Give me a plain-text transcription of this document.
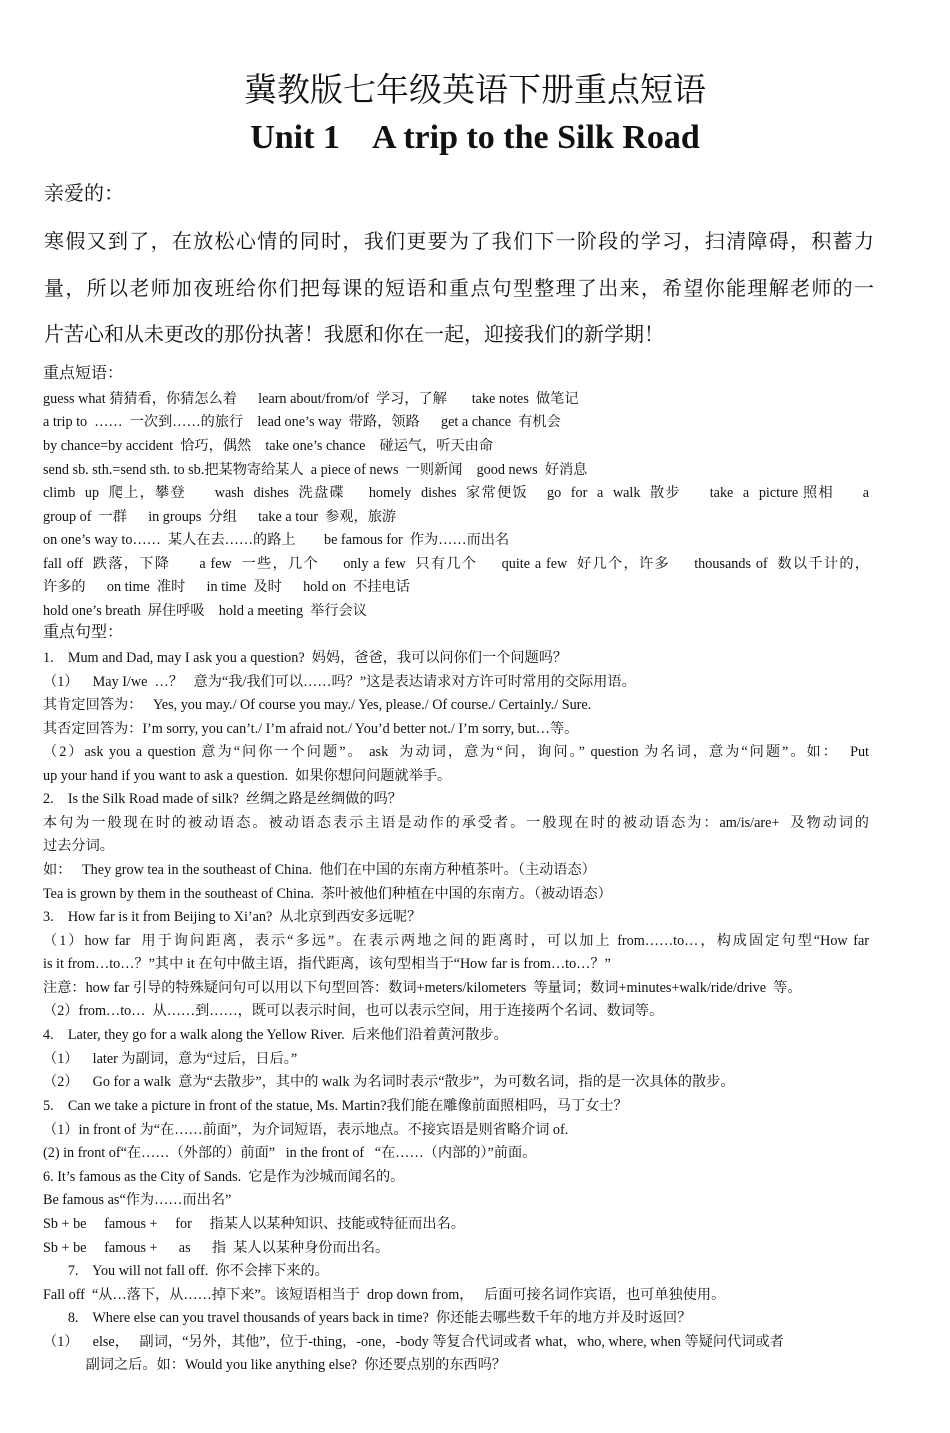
冀教版七年级英语下册重点短语
Unit 1    A trip to the Silk Road
亲爱的：
寒假又到了，在放松心情的同时，我们更要为了我们下一阶段的学习，扫清障碍，积蓄力
量，所以老师加夜班给你们把每课的短语和重点句型整理了出来，希望你能理解老师的一
片苦心和从未更改的那份执著！我愿和你在一起，迎接我们的新学期！
重点短语：
guess what 猜猜看，你猜怎么着      learn about/from/of  学习，了解       take notes  做笔记
a trip to  ……  一次到……的旅行    lead one’s way  带路，领路      get a chance  有机会
by chance=by accident  恰巧，偶然    take one’s chance    碰运气，听天由命
send sb. sth.=send sth. to sb.把某物寄给某人  a piece of news  一则新闻    good news  好消息
climb  up  爬上，攀登      wash  dishes  洗盘碟     homely  dishes  家常便饭    go  for  a  walk  散步      take  a  picture 照相      a
group of  一群      in groups  分组      take a tour  参观，旅游
on one’s way to……  某人在去……的路上        be famous for  作为……而出名
fall off  跌落，下降      a few  一些，几个     only a few  只有几个     quite a few  好几个，许多     thousands of  数以千计的，
许多的      on time  准时      in time  及时      hold on  不挂电话
hold one’s breath  屏住呼吸    hold a meeting  举行会议
重点句型：
1.    Mum and Dad, may I ask you a question?  妈妈，爸爸，我可以问你们一个问题吗？
（1）    May I/we  …？   意为“我/我们可以……吗？”这是表达请求对方许可时常用的交际用语。
其肯定回答为：   Yes, you may./ Of course you may./ Yes, please./ Of course./ Certainly./ Sure.
其否定回答为：I’m sorry, you can’t./ I’m afraid not./ You’d better not./ I’m sorry, but…等。
（2）ask you a question 意为“问你一个问题”。 ask  为动词，意为“问，询问。” question 为名词，意为“问题”。如：  Put
up your hand if you want to ask a question.  如果你想问问题就举手。
2.    Is the Silk Road made of silk?  丝绸之路是丝绸做的吗？
本句为一般现在时的被动语态。被动语态表示主语是动作的承受者。一般现在时的被动语态为：am/is/are+  及物动词的
过去分词。
如：   They grow tea in the southeast of China.  他们在中国的东南方种植茶叶。（主动语态）
Tea is grown by them in the southeast of China.  茶叶被他们种植在中国的东南方。（被动语态）
3.    How far is it from Beijing to Xi’an?  从北京到西安多远呢？
（1）how far  用于询问距离，表示“多远”。在表示两地之间的距离时，可以加上 from……to…，构成固定句型“How far
is it from…to…？”其中 it 在句中做主语，指代距离，该句型相当于“How far is from…to…？”
注意：how far 引导的特殊疑问句可以用以下句型回答：数词+meters/kilometers  等量词；数词+minutes+walk/ride/drive  等。
（2）from…to…  从……到……，既可以表示时间，也可以表示空间，用于连接两个名词、数词等。
4.    Later, they go for a walk along the Yellow River.  后来他们沿着黄河散步。
（1）    later 为副词，意为“过后，日后。”
（2）    Go for a walk  意为“去散步”，其中的 walk 为名词时表示“散步”，为可数名词，指的是一次具体的散步。
5.    Can we take a picture in front of the statue, Ms. Martin?我们能在雕像前面照相吗，马丁女士？
（1）in front of 为“在……前面”，为介词短语，表示地点。不接宾语是则省略介词 of.
(2) in front of“在……（外部的）前面”   in the front of   “在……（内部的）”前面。
6. It’s famous as the City of Sands.  它是作为沙城而闻名的。
Be famous as“作为……而出名”
Sb + be     famous +     for     指某人以某种知识、技能或特征而出名。
Sb + be     famous +      as      指  某人以某种身份而出名。
7.    You will not fall off.  你不会摔下来的。
Fall off  “从…落下，从……掉下来”。该短语相当于  drop down from，   后面可接名词作宾语，也可单独使用。
8.    Where else can you travel thousands of years back in time?  你还能去哪些数千年的地方并及时返回？
（1）    else，   副词，“另外，其他”，位于-thing，-one，-body 等复合代词或者 what，who, where, when 等疑问代词或者
副词之后。如：Would you like anything else?  你还要点别的东西吗？
